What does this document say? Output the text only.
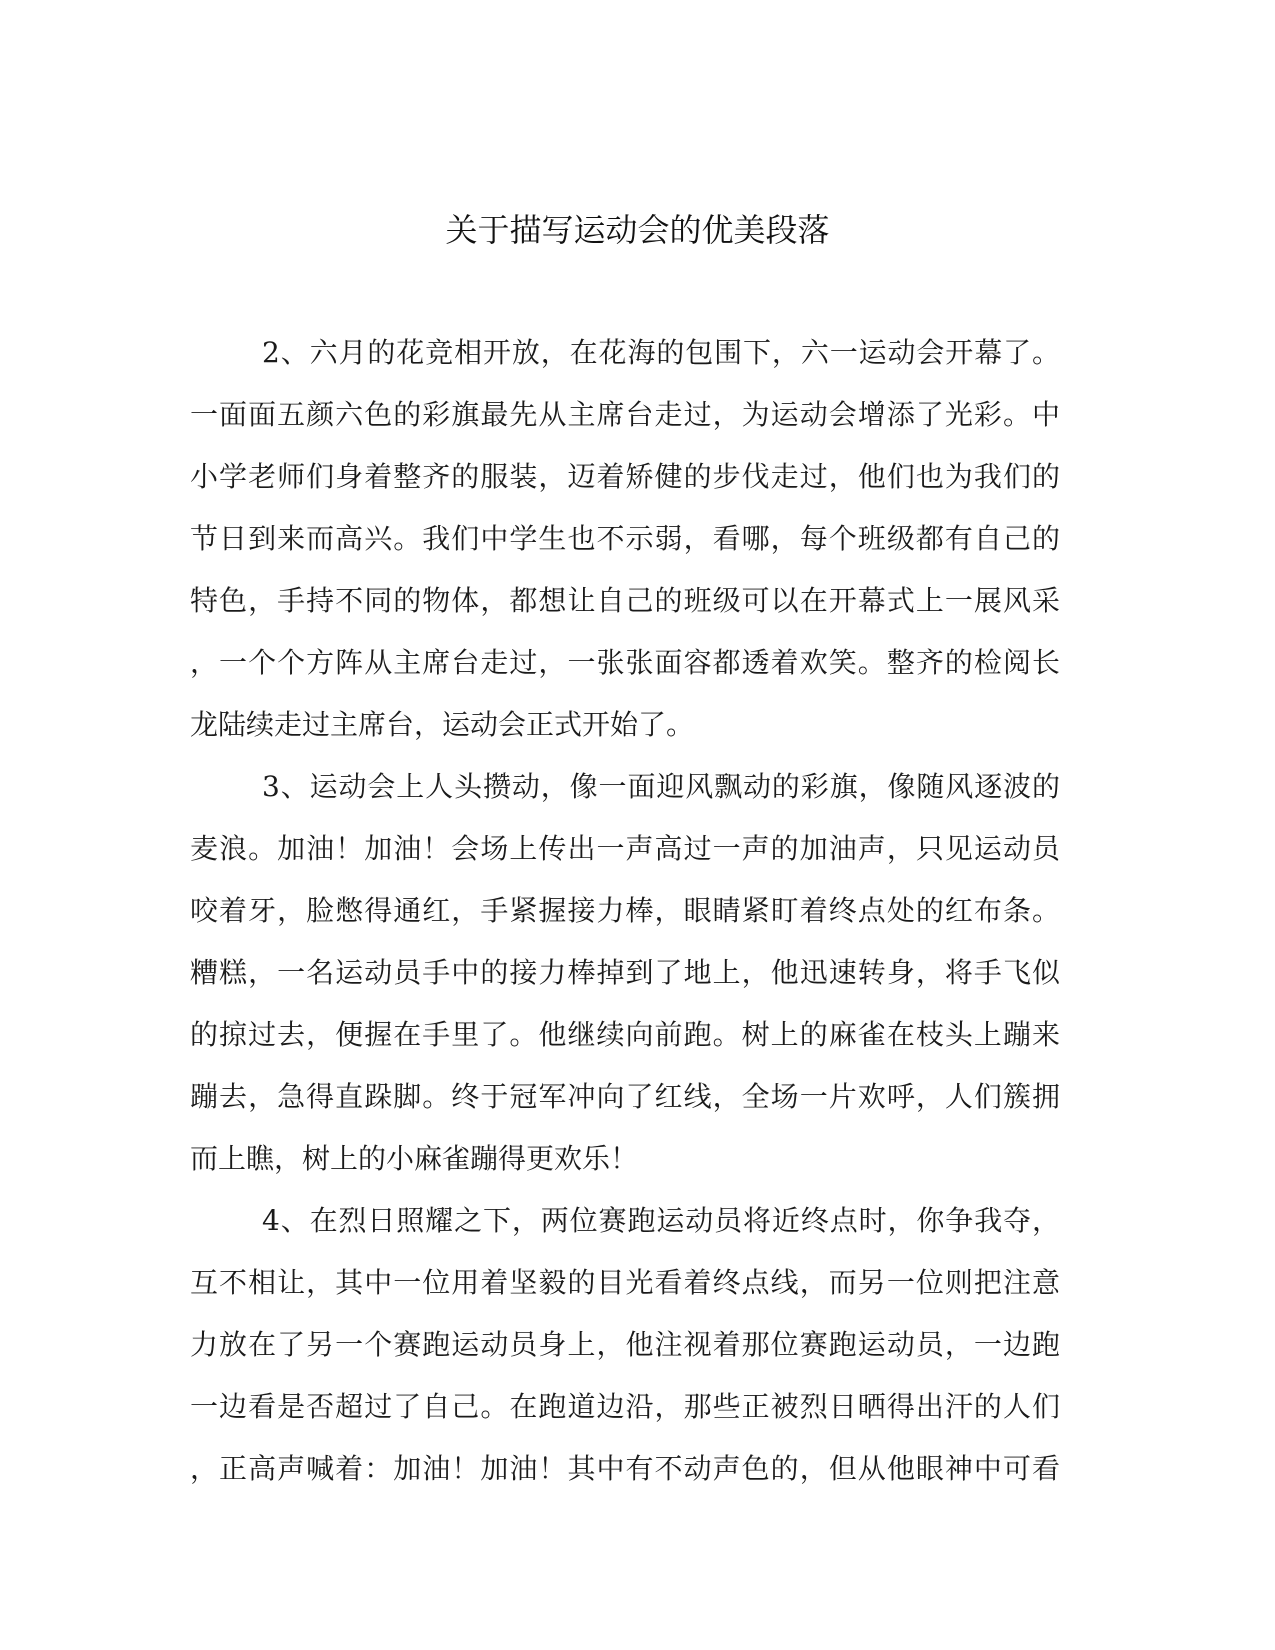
关于描写运动会的优美段落
2、六月的花竞相开放，在花海的包围下，六一运动会开幕了。
一面面五颜六色的彩旗最先从主席台走过，为运动会增添了光彩。中
小学老师们身着整齐的服装，迈着矫健的步伐走过，他们也为我们的
节日到来而高兴。我们中学生也不示弱，看哪，每个班级都有自己的
特色，手持不同的物体，都想让自己的班级可以在开幕式上一展风采
，一个个方阵从主席台走过，一张张面容都透着欢笑。整齐的检阅长
龙陆续走过主席台，运动会正式开始了。
3、运动会上人头攒动，像一面迎风飘动的彩旗，像随风逐波的
麦浪。加油！加油！会场上传出一声高过一声的加油声，只见运动员
咬着牙，脸憋得通红，手紧握接力棒，眼睛紧盯着终点处的红布条。
糟糕，一名运动员手中的接力棒掉到了地上，他迅速转身，将手飞似
的掠过去，便握在手里了。他继续向前跑。树上的麻雀在枝头上蹦来
蹦去，急得直跺脚。终于冠军冲向了红线，全场一片欢呼，人们簇拥
而上瞧，树上的小麻雀蹦得更欢乐！
4、在烈日照耀之下，两位赛跑运动员将近终点时，你争我夺，
互不相让，其中一位用着坚毅的目光看着终点线，而另一位则把注意
力放在了另一个赛跑运动员身上，他注视着那位赛跑运动员，一边跑
一边看是否超过了自己。在跑道边沿，那些正被烈日晒得出汗的人们
，正高声喊着：加油！加油！其中有不动声色的，但从他眼神中可看
